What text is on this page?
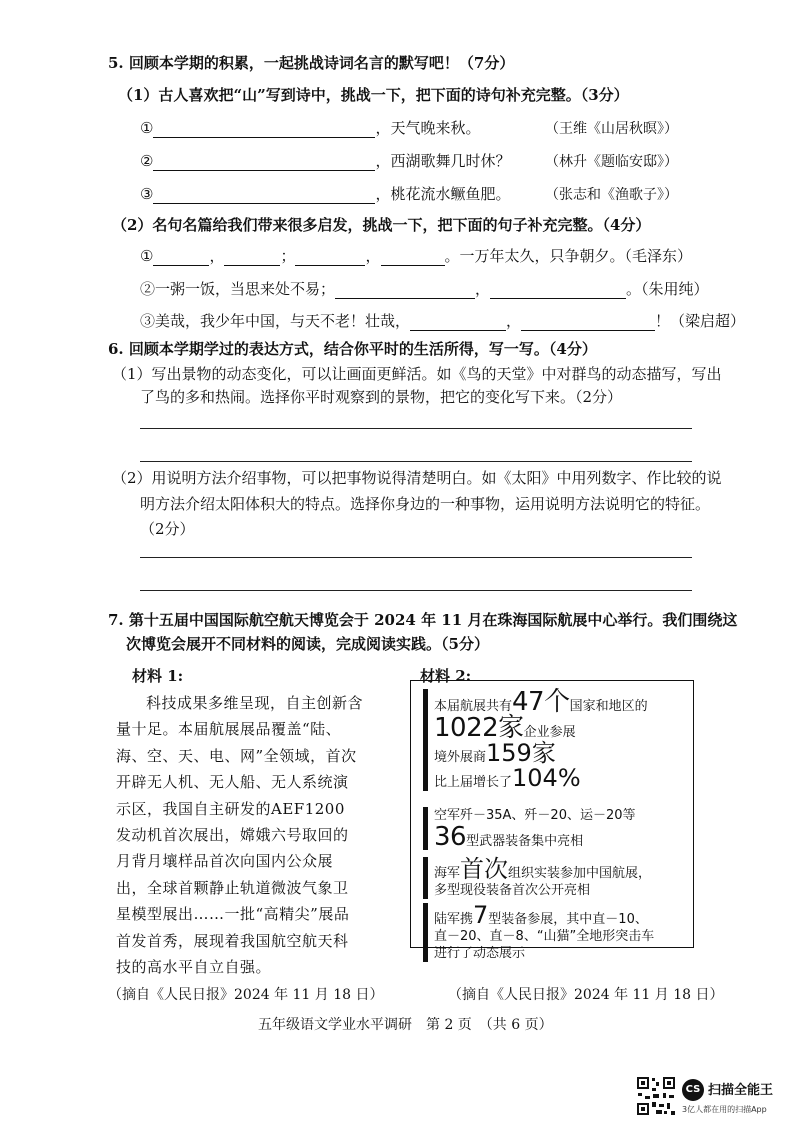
5. 回顾本学期的积累，一起挑战诗词名言的默写吧！（7分）
（1）古人喜欢把“山”写到诗中，挑战一下，把下面的诗句补充完整。（3分）
①	，天气晚来秋。	（王维《山居秋暝》）
②	，西湖歌舞几时休？ （林升《题临安邸》）
③	，桃花流水鳜鱼肥。 （张志和《渔歌子》）
（2）名句名篇给我们带来很多启发，挑战一下，把下面的句子补充完整。（4分）
①	，	；	，	。一万年太久，只争朝夕。（毛泽东）
②一粥一饭，当思来处不易；	，	。（朱用纯）
③美哉，我少年中国，与天不老！壮哉，	，	！（梁启超）
6. 回顾本学期学过的表达方式，结合你平时的生活所得，写一写。（4分）
（1）写出景物的动态变化，可以让画面更鲜活。如《鸟的天堂》中对群鸟的动态描写，写出
了鸟的多和热闹。选择你平时观察到的景物，把它的变化写下来。（2分）
（2）用说明方法介绍事物，可以把事物说得清楚明白。如《太阳》中用列数字、作比较的说
明方法介绍太阳体积大的特点。选择你身边的一种事物，运用说明方法说明它的特征。
（2分）
7. 第十五届中国国际航空航天博览会于 2024 年 11 月在珠海国际航展中心举行。我们围绕这
次博览会展开不同材料的阅读，完成阅读实践。（5分）
材料 1:	材料 2:

科技成果多维呈现，自主创新含量十足。本届航展展品覆盖“陆、海、空、天、电、网”全领域，首次开辟无人机、无人船、无人系统演示区，我国自主研发的AEF1200 发动机首次展出，嫦娥六号取回的月背月壤样品首次向国内公众展出，全球首颗静止轨道微波气象卫星模型展出……一批“高精尖”展品首发首秀，展现着我国航空航天科技的高水平自立自强。

本届航展共有47个国家和地区的
1022家企业参展
境外展商159家
比上届增长了104%
空军歼－35A、歼－20、运－20等
36型武器装备集中亮相
海军首次组织实装参加中国航展，
多型现役装备首次公开亮相
陆军携7型装备参展，其中直－10、
直－20、直－8、“山猫”全地形突击车
进行了动态展示
（摘自《人民日报》2024 年 11 月 18 日）	（摘自《人民日报》2024 年 11 月 18 日）
五年级语文学业水平调研　第 2 页　（共 6 页）
CS 扫描全能王
3亿人都在用的扫描App
